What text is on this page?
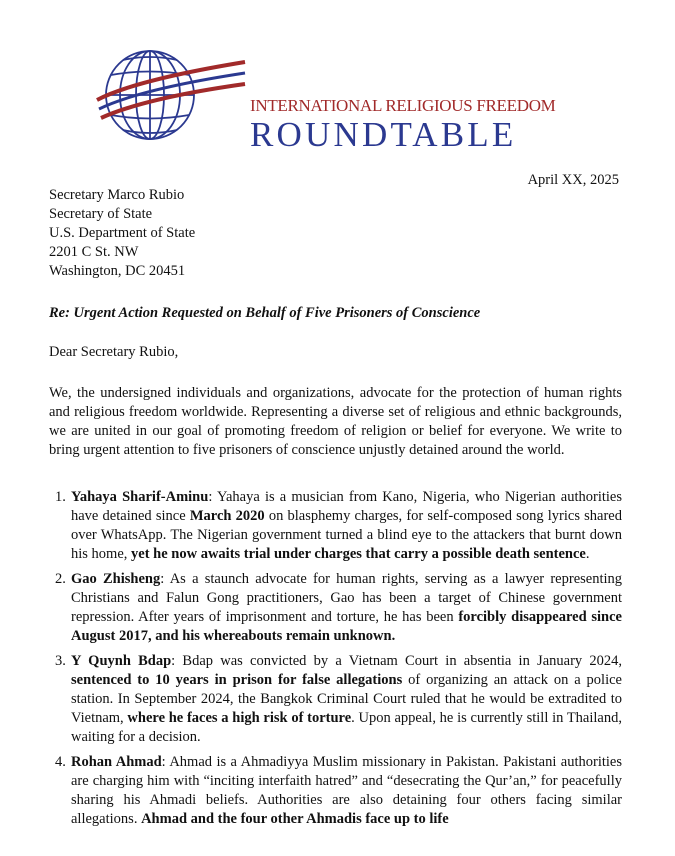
INTERNATIONAL RELIGIOUS FREEDOM
ROUNDTABLE
April XX, 2025
Secretary Marco Rubio
Secretary of State
U.S. Department of State
2201 C St. NW
Washington, DC 20451
Re: Urgent Action Requested on Behalf of Five Prisoners of Conscience
Dear Secretary Rubio,
We, the undersigned individuals and organizations, advocate for the protection of human rights and religious freedom worldwide. Representing a diverse set of religious and ethnic backgrounds, we are united in our goal of promoting freedom of religion or belief for everyone. We write to bring urgent attention to five prisoners of conscience unjustly detained around the world.
1. Yahaya Sharif-Aminu: Yahaya is a musician from Kano, Nigeria, who Nigerian authorities have detained since March 2020 on blasphemy charges, for self-composed song lyrics shared over WhatsApp. The Nigerian government turned a blind eye to the attackers that burnt down his home, yet he now awaits trial under charges that carry a possible death sentence.
2. Gao Zhisheng: As a staunch advocate for human rights, serving as a lawyer representing Christians and Falun Gong practitioners, Gao has been a target of Chinese government repression. After years of imprisonment and torture, he has been forcibly disappeared since August 2017, and his whereabouts remain unknown.
3. Y Quynh Bdap: Bdap was convicted by a Vietnam Court in absentia in January 2024, sentenced to 10 years in prison for false allegations of organizing an attack on a police station. In September 2024, the Bangkok Criminal Court ruled that he would be extradited to Vietnam, where he faces a high risk of torture. Upon appeal, he is currently still in Thailand, waiting for a decision.
4. Rohan Ahmad: Ahmad is a Ahmadiyya Muslim missionary in Pakistan. Pakistani authorities are charging him with “inciting interfaith hatred” and “desecrating the Qur’an,” for peacefully sharing his Ahmadi beliefs. Authorities are also detaining four others facing similar allegations. Ahmad and the four other Ahmadis face up to life
